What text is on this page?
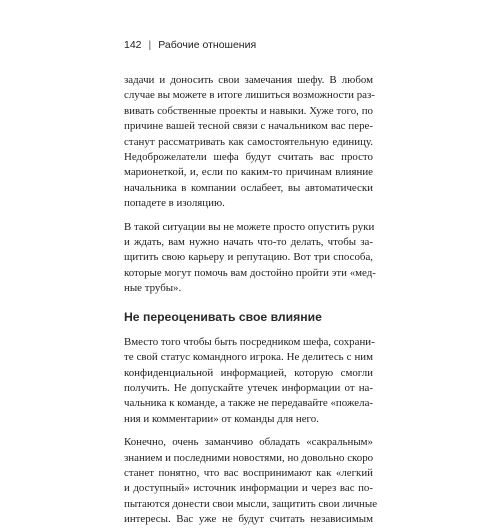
142 | Рабочие отношения

задачи и доносить свои замечания шефу. В любом
случае вы можете в итоге лишиться возможности раз-
вивать собственные проекты и навыки. Хуже того, по
причине вашей тесной связи с начальником вас пере-
станут рассматривать как самостоятельную единицу.
Недоброжелатели шефа будут считать вас просто
марионеткой, и, если по каким-то причинам влияние
начальника в компании ослабеет, вы автоматически
попадете в изоляцию.

В такой ситуации вы не можете просто опустить руки
и ждать, вам нужно начать что-то делать, чтобы за-
щитить свою карьеру и репутацию. Вот три способа,
которые могут помочь вам достойно пройти эти «мед-
ные трубы».

Не переоценивать свое влияние

Вместо того чтобы быть посредником шефа, сохрани-
те свой статус командного игрока. Не делитесь с ним
конфиденциальной информацией, которую смогли
получить. Не допускайте утечек информации от на-
чальника к команде, а также не передавайте «пожела-
ния и комментарии» от команды для него.

Конечно, очень заманчиво обладать «сакральным»
знанием и последними новостями, но довольно скоро
станет понятно, что вас воспринимают как «легкий
и доступный» источник информации и через вас по-
пытаются донести свои мысли, защитить свои личные
интересы. Вас уже не будут считать независимым
